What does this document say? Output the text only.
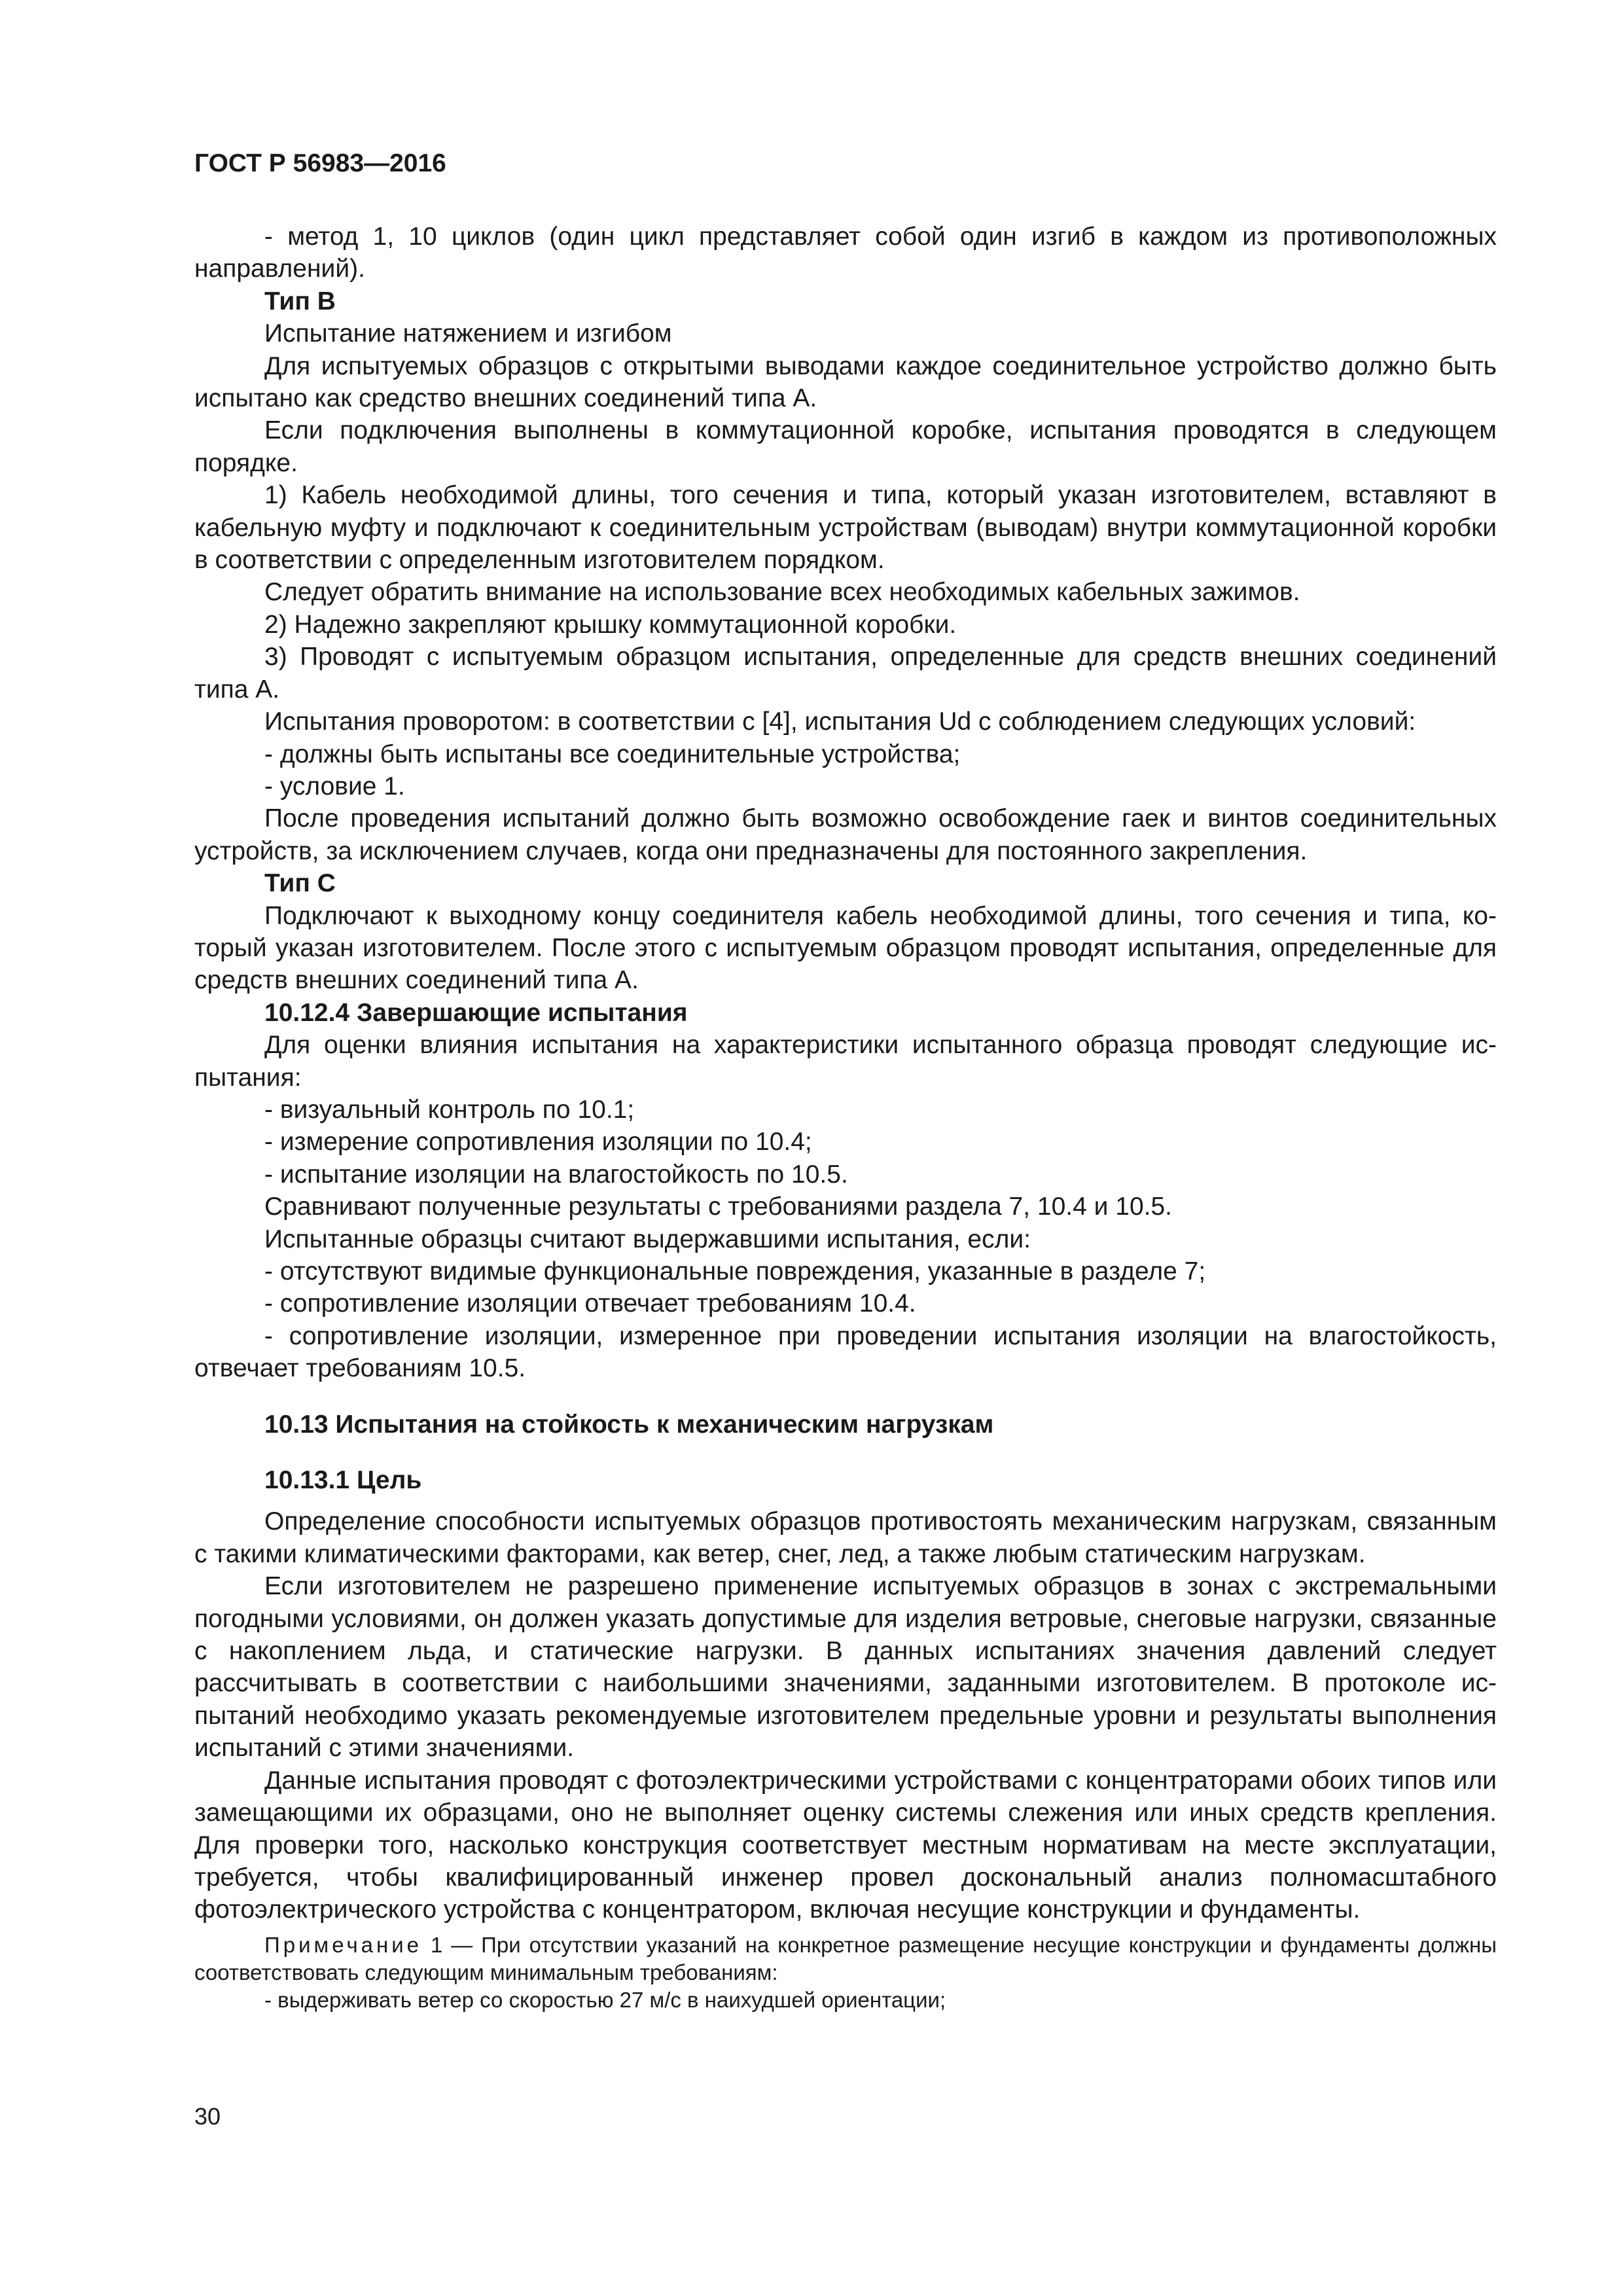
ГОСТ Р 56983—2016

- метод 1, 10 циклов (один цикл представляет собой один изгиб в каждом из противоположных направлений).

Тип B

Испытание натяжением и изгибом

Для испытуемых образцов с открытыми выводами каждое соединительное устройство должно быть испытано как средство внешних соединений типа А.

Если подключения выполнены в коммутационной коробке, испытания проводятся в следующем порядке.

1) Кабель необходимой длины, того сечения и типа, который указан изготовителем, вставляют в кабельную муфту и подключают к соединительным устройствам (выводам) внутри коммутационной коробки в соответствии с определенным изготовителем порядком.

Следует обратить внимание на использование всех необходимых кабельных зажимов.

2) Надежно закрепляют крышку коммутационной коробки.

3) Проводят с испытуемым образцом испытания, определенные для средств внешних соединений типа А.

Испытания проворотом: в соответствии с [4], испытания Ud с соблюдением следующих условий:

- должны быть испытаны все соединительные устройства;

- условие 1.

После проведения испытаний должно быть возможно освобождение гаек и винтов соединительных устройств, за исключением случаев, когда они предназначены для постоянного закрепления.

Тип С

Подключают к выходному концу соединителя кабель необходимой длины, того сечения и типа, который указан изготовителем. После этого с испытуемым образцом проводят испытания, определенные для средств внешних соединений типа А.

10.12.4 Завершающие испытания

Для оценки влияния испытания на характеристики испытанного образца проводят следующие испытания:

- визуальный контроль по 10.1;

- измерение сопротивления изоляции по 10.4;

- испытание изоляции на влагостойкость по 10.5.

Сравнивают полученные результаты с требованиями раздела 7, 10.4 и 10.5.

Испытанные образцы считают выдержавшими испытания, если:

- отсутствуют видимые функциональные повреждения, указанные в разделе 7;

- сопротивление изоляции отвечает требованиям 10.4.

- сопротивление изоляции, измеренное при проведении испытания изоляции на влагостойкость, отвечает требованиям 10.5.

10.13 Испытания на стойкость к механическим нагрузкам

10.13.1 Цель

Определение способности испытуемых образцов противостоять механическим нагрузкам, связанным с такими климатическими факторами, как ветер, снег, лед, а также любым статическим нагрузкам.

Если изготовителем не разрешено применение испытуемых образцов в зонах с экстремальными погодными условиями, он должен указать допустимые для изделия ветровые, снеговые нагрузки, связанные с накоплением льда, и статические нагрузки. В данных испытаниях значения давлений следует рассчитывать в соответствии с наибольшими значениями, заданными изготовителем. В протоколе испытаний необходимо указать рекомендуемые изготовителем предельные уровни и результаты выполнения испытаний с этими значениями.

Данные испытания проводят с фотоэлектрическими устройствами с концентраторами обоих типов или замещающими их образцами, оно не выполняет оценку системы слежения или иных средств крепления. Для проверки того, насколько конструкция соответствует местным нормативам на месте эксплуатации, требуется, чтобы квалифицированный инженер провел доскональный анализ полномасштабного фотоэлектрического устройства с концентратором, включая несущие конструкции и фундаменты.

Примечание 1 — При отсутствии указаний на конкретное размещение несущие конструкции и фундаменты должны соответствовать следующим минимальным требованиям:

- выдерживать ветер со скоростью 27 м/с в наихудшей ориентации;

30
